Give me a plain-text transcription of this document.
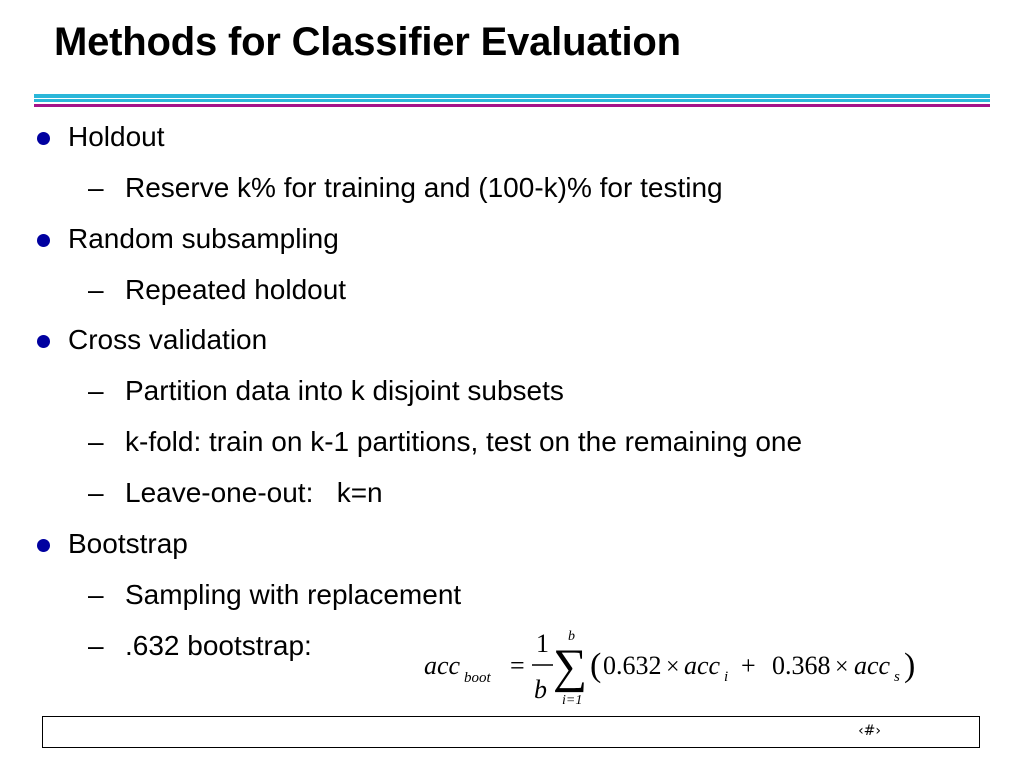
Methods for Classifier Evaluation
Holdout
– Reserve k% for training and (100-k)% for testing
Random subsampling
– Repeated holdout
Cross validation
– Partition data into k disjoint subsets
– k-fold: train on k-1 partitions, test on the remaining one
– Leave-one-out:   k=n
Bootstrap
– Sampling with replacement
– .632 bootstrap:
acc boot =
1
b
b
∑
i=1
( 0.632 × acc i + 0.368 × acc s )
‹#›
